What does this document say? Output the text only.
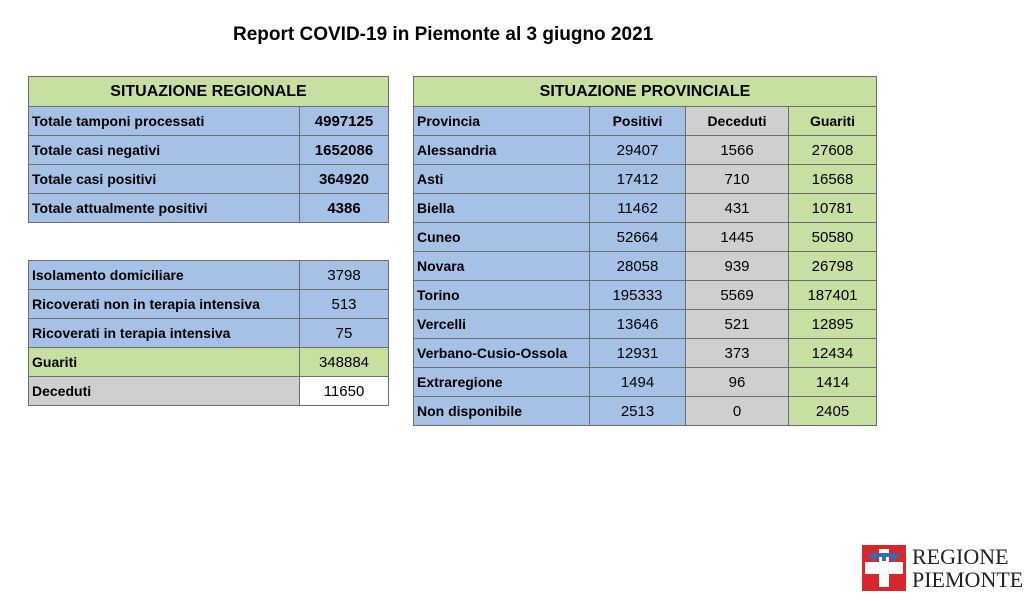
Report COVID-19 in Piemonte al 3 giugno 2021
SITUAZIONE REGIONALE	
Totale tamponi processati	4997125
Totale casi negativi	1652086
Totale casi positivi	364920
Totale attualmente positivi	4386
Isolamento domiciliare	3798
Ricoverati non in terapia intensiva	513
Ricoverati in terapia intensiva	75
Guariti	348884
Deceduti	11650
SITUAZIONE PROVINCIALE			
Provincia	Positivi	Deceduti	Guariti
Alessandria	29407	1566	27608
Asti	17412	710	16568
Biella	11462	431	10781
Cuneo	52664	1445	50580
Novara	28058	939	26798
Torino	195333	5569	187401
Vercelli	13646	521	12895
Verbano-Cusio-Ossola	12931	373	12434
Extraregione	1494	96	1414
Non disponibile	2513	0	2405
REGIONE
PIEMONTE
